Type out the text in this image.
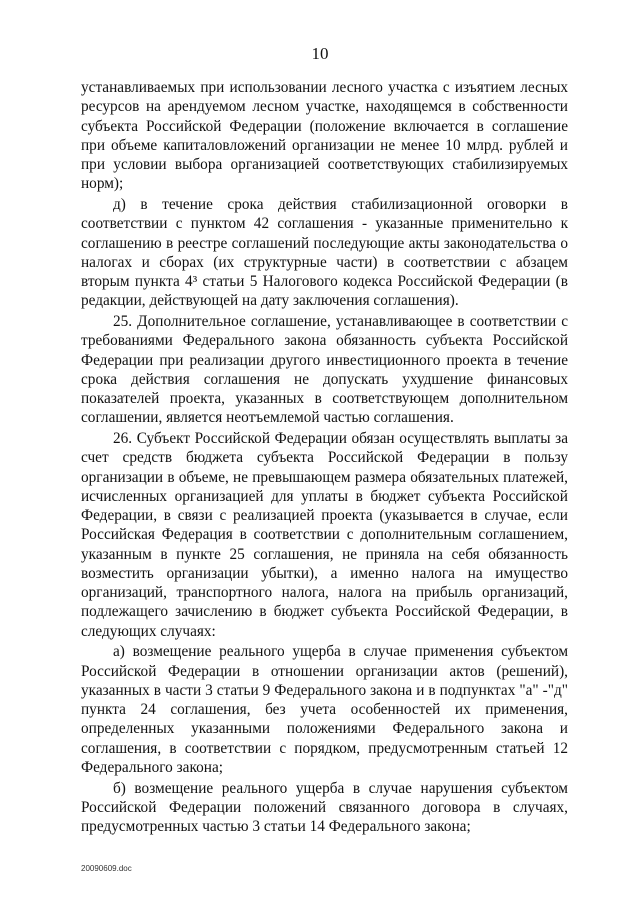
10

устанавливаемых при использовании лесного участка с изъятием лесных ресурсов на арендуемом лесном участке, находящемся в собственности субъекта Российской Федерации (положение включается в соглашение при объеме капиталовложений организации не менее 10 млрд. рублей и при условии выбора организацией соответствующих стабилизируемых норм);

д) в течение срока действия стабилизационной оговорки в соответствии с пунктом 42 соглашения - указанные применительно к соглашению в реестре соглашений последующие акты законодательства о налогах и сборах (их структурные части) в соответствии с абзацем вторым пункта 4³ статьи 5 Налогового кодекса Российской Федерации (в редакции, действующей на дату заключения соглашения).

25. Дополнительное соглашение, устанавливающее в соответствии с требованиями Федерального закона обязанность субъекта Российской Федерации при реализации другого инвестиционного проекта в течение срока действия соглашения не допускать ухудшение финансовых показателей проекта, указанных в соответствующем дополнительном соглашении, является неотъемлемой частью соглашения.

26. Субъект Российской Федерации обязан осуществлять выплаты за счет средств бюджета субъекта Российской Федерации в пользу организации в объеме, не превышающем размера обязательных платежей, исчисленных организацией для уплаты в бюджет субъекта Российской Федерации, в связи с реализацией проекта (указывается в случае, если Российская Федерация в соответствии с дополнительным соглашением, указанным в пункте 25 соглашения, не приняла на себя обязанность возместить организации убытки), а именно налога на имущество организаций, транспортного налога, налога на прибыль организаций, подлежащего зачислению в бюджет субъекта Российской Федерации, в следующих случаях:

а) возмещение реального ущерба в случае применения субъектом Российской Федерации в отношении организации актов (решений), указанных в части 3 статьи 9 Федерального закона и в подпунктах "а" -"д" пункта 24 соглашения, без учета особенностей их применения, определенных указанными положениями Федерального закона и соглашения, в соответствии с порядком, предусмотренным статьей 12 Федерального закона;

б) возмещение реального ущерба в случае нарушения субъектом Российской Федерации положений связанного договора в случаях, предусмотренных частью 3 статьи 14 Федерального закона;

20090609.doc
